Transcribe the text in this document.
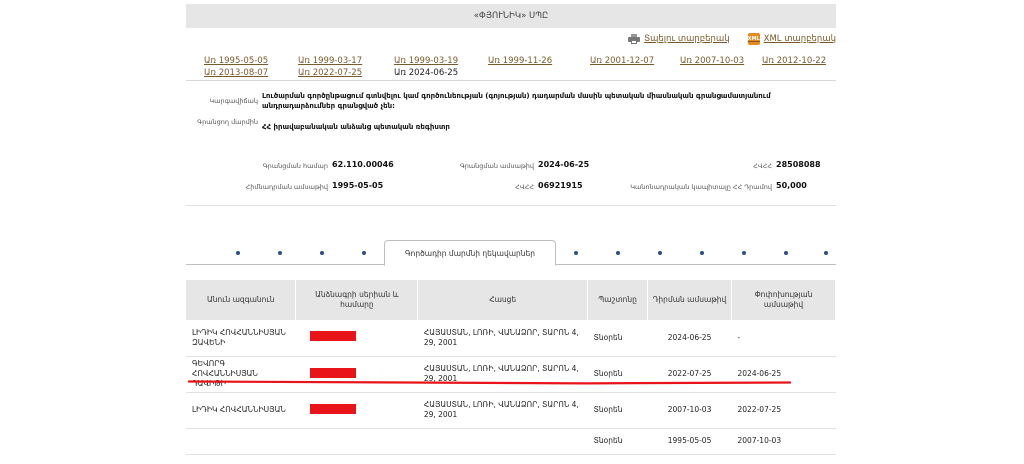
«ՓՅՈՒՆԻԿ» ՍՊԸ
Տպելու տարբերակ	XML XML տարբերակ
Առ 1995-05-05	Առ 1999-03-17	Առ 1999-03-19	Առ 1999-11-26	Առ 2001-12-07	Առ 2007-10-03 Առ 2012-10-22
Առ 2013-08-07	Առ 2022-07-25	Առ 2024-06-25
Կարգավիճակ
Լուծարման գործընթացում գտնվելու կամ գործունեության (գոյության) դադարման մասին պետական միասնական գրանցամատյանում անդրադարձումներ գրանցված չեն:
Գրանցող մարմին
ՀՀ իրավաբանական անձանց պետական ռեգիստր
Գրանցման համար 62.110.00046	Գրանցման ամսաթիվ 2024-06-25	ՀՎՀՀ 28508088
Հիմնադրման ամսաթիվ 1995-05-05	ՀՎՀՀ 06921915	Կանոնադրական կապիտալը ՀՀ Դրամով 50,000
Գործադիր մարմնի ղեկավարներ
Անուն ազգանուն	Անձնագրի սերիան և համարը	Հասցե	Պաշտոնը	Դիրման ամսաթիվ	Փոփոխության ամսաթիվ
ԼԻԴԻԿ ՀՈՎՀԱՆՆԻՍՅԱՆ ԶԱՎԵՆԻ		ՀԱՅԱՍՏԱՆ, ԼՈՌԻ, ՎԱՆԱՁՈՐ, ՏԱՐՈՆ 4, 29, 2001	Տնօրեն	2024-06-25	-
ԳԵՎՈՐԳ ՀՈՎՀԱՆՆԻՍՅԱՆ ԴԱՎԻԹԻ		ՀԱՅԱՍՏԱՆ, ԼՈՌԻ, ՎԱՆԱՁՈՐ, ՏԱՐՈՆ 4, 29, 2001	Տնօրեն	2022-07-25	2024-06-25
ԼԻԴԻԿ ՀՈՎՀԱՆՆԻՍՅԱՆ		ՀԱՅԱՍՏԱՆ, ԼՈՌԻ, ՎԱՆԱՁՈՐ, ՏԱՐՈՆ 4, 29, 2001	Տնօրեն	2007-10-03	2022-07-25
			Տնօրեն	1995-05-05	2007-10-03
